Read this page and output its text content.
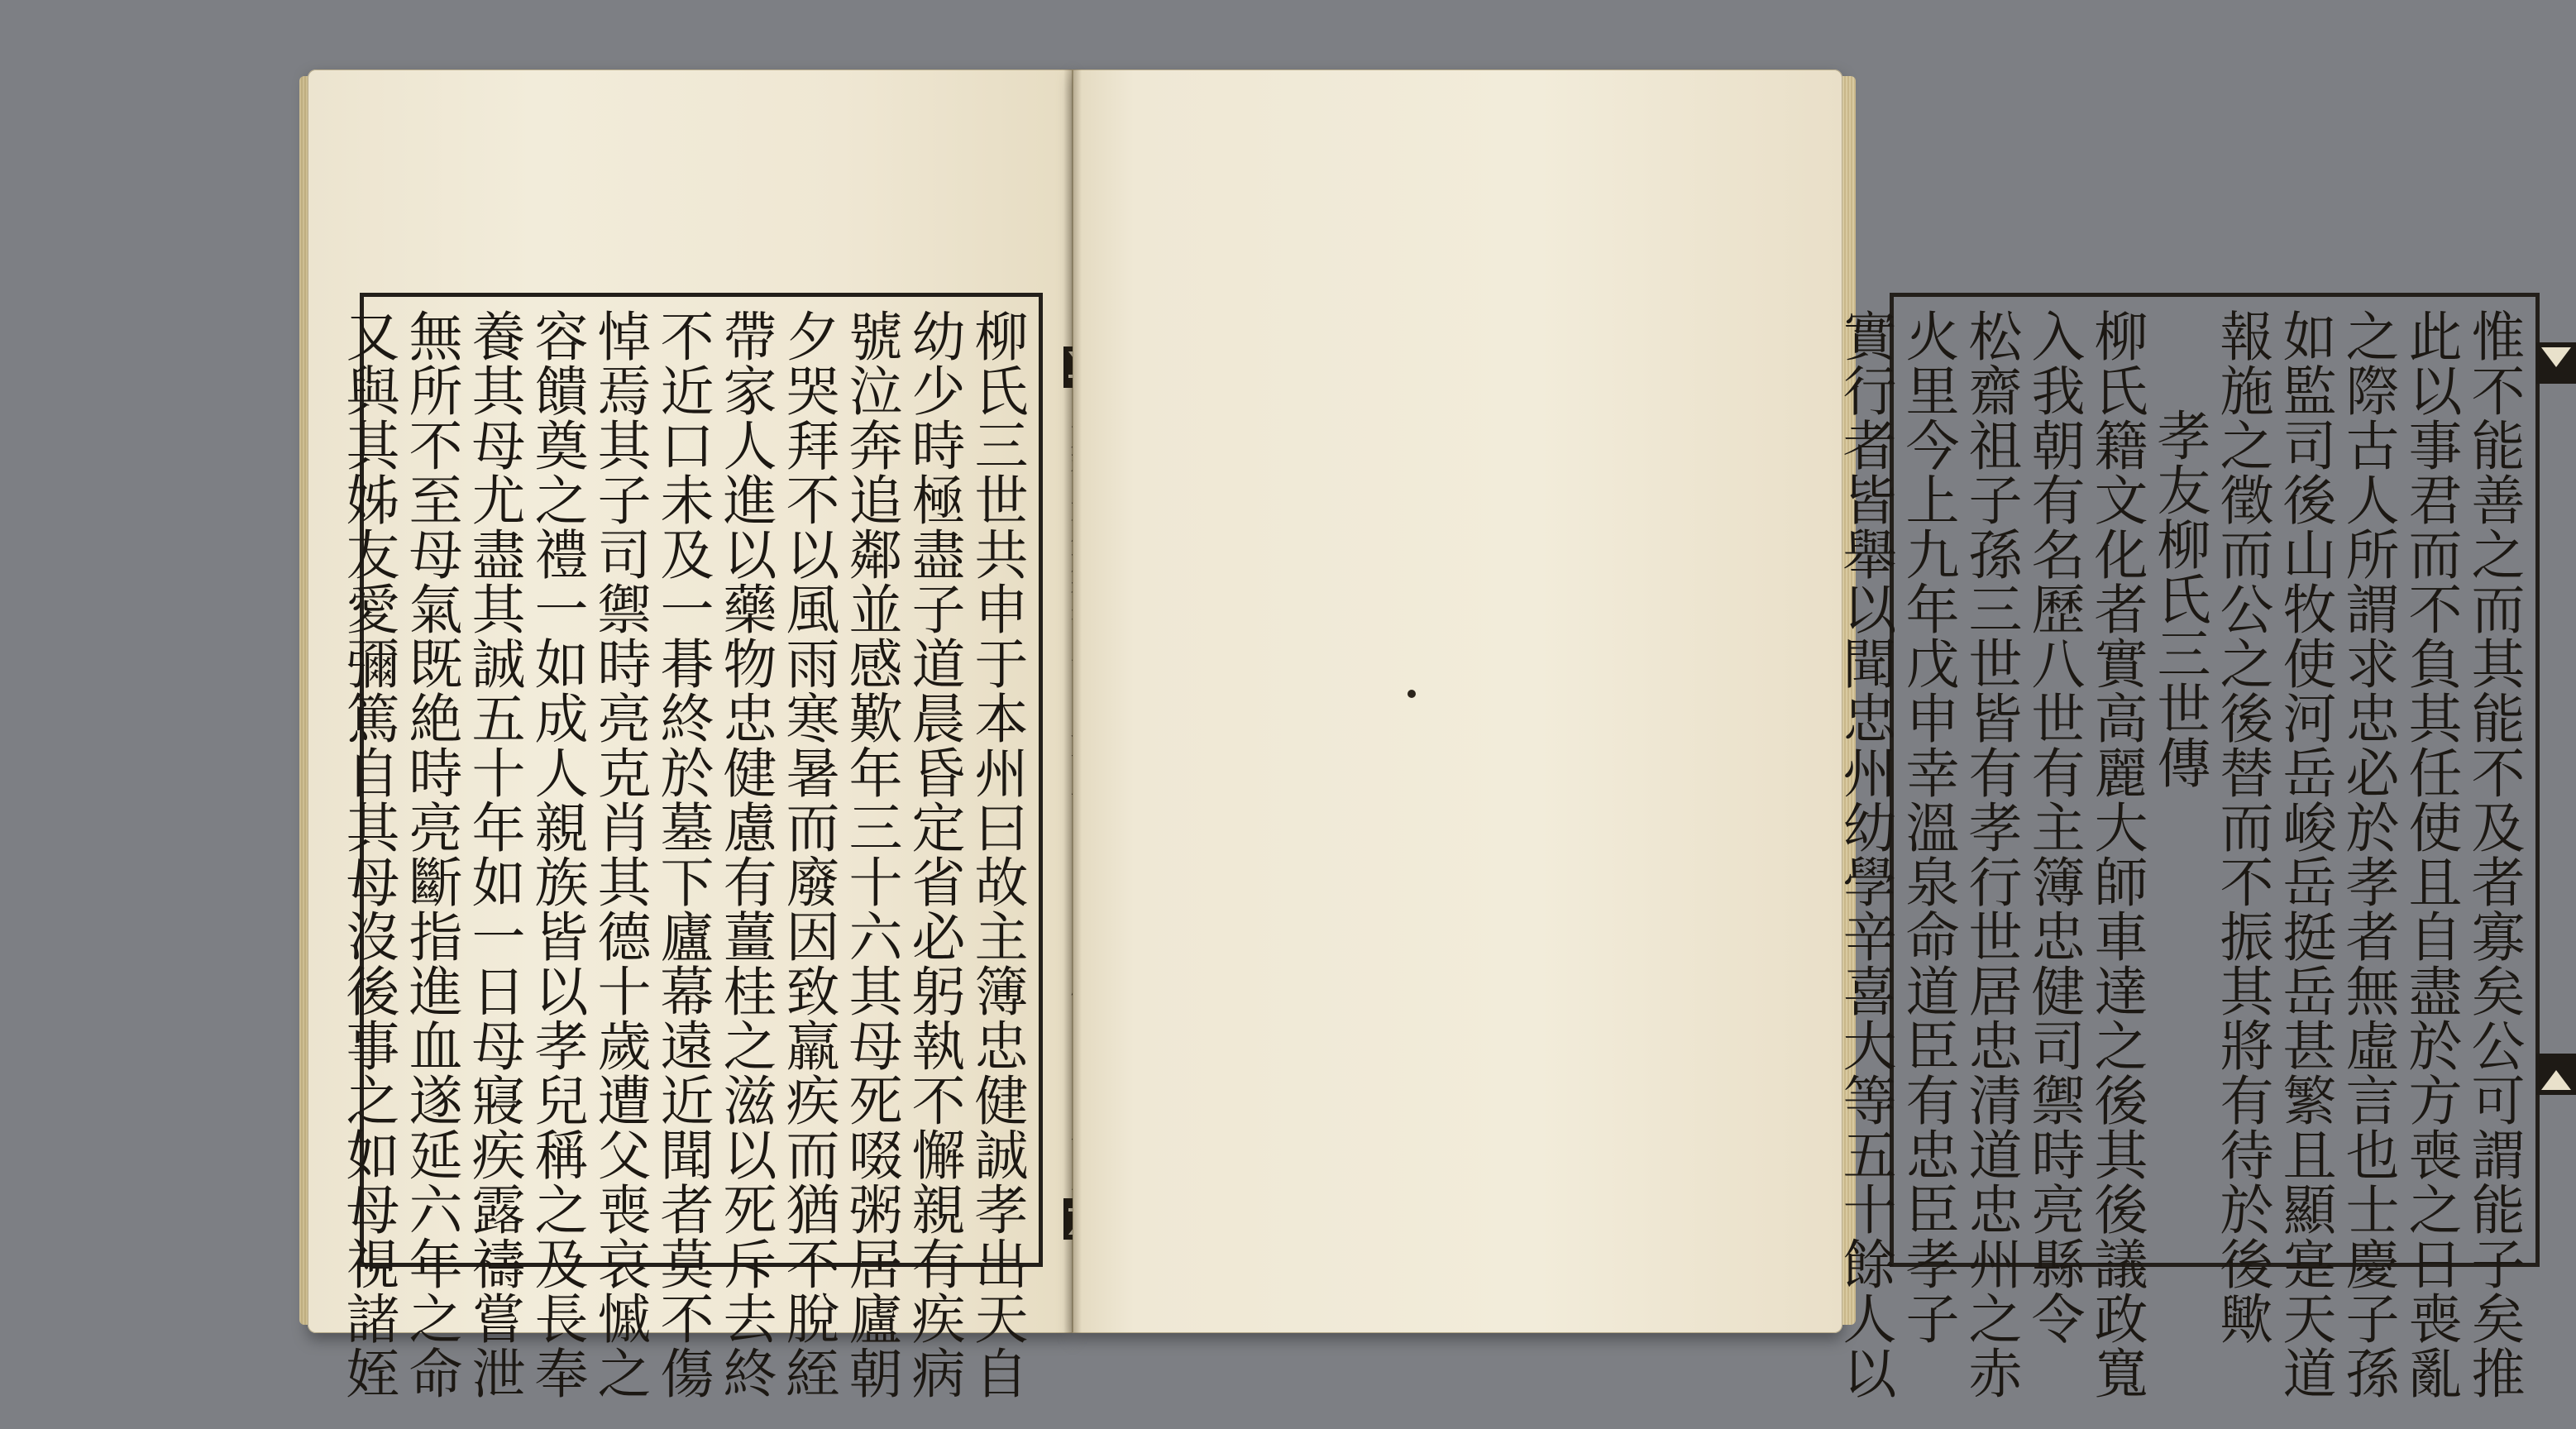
柳氏三世共申于本州曰故主簿忠健誠孝出天自
幼少時極盡子道晨昏定省必躬執不懈親有疾病
號泣奔追鄰並感歎年三十六其母死啜粥居廬朝
夕哭拜不以風雨寒暑而廢因致羸疾而猶不脫絰
帶家人進以藥物忠健慮有薑桂之滋以死斥去終
不近口未及一朞終於墓下廬幕遠近聞者莫不傷
悼焉其子司禦時亮克肖其德十歲遭父喪哀慽之
容饋奠之禮一如成人親族皆以孝兒稱之及長奉
養其母尤盡其誠五十年如一日母寢疾露禱嘗泄
無所不至母氣既絶時亮斷指進血遂延六年之命
又與其姊友愛彌篤自其母沒後事之如母視諸姪	惟不能善之而其能不及者寡矣公可謂能子矣推
此以事君而不負其任使且自盡於方喪之日喪亂
之際古人所謂求忠必於孝者無虛言也士慶子孫
如監司後山牧使河岳峻岳挺岳甚繁且顯寔天道
報施之徵而公之後替而不振其將有待於後歟
孝友柳氏三世傳
柳氏籍文化者實高麗大師車達之後其後議政寬
入我朝有名歷八世有主簿忠健司禦時亮縣令
松齋祖子孫三世皆有孝行世居忠清道忠州之赤
火里今上九年戊申幸溫泉命道臣有忠臣孝子
實行者皆舉以聞忠州幼學辛喜大等五十餘人以
